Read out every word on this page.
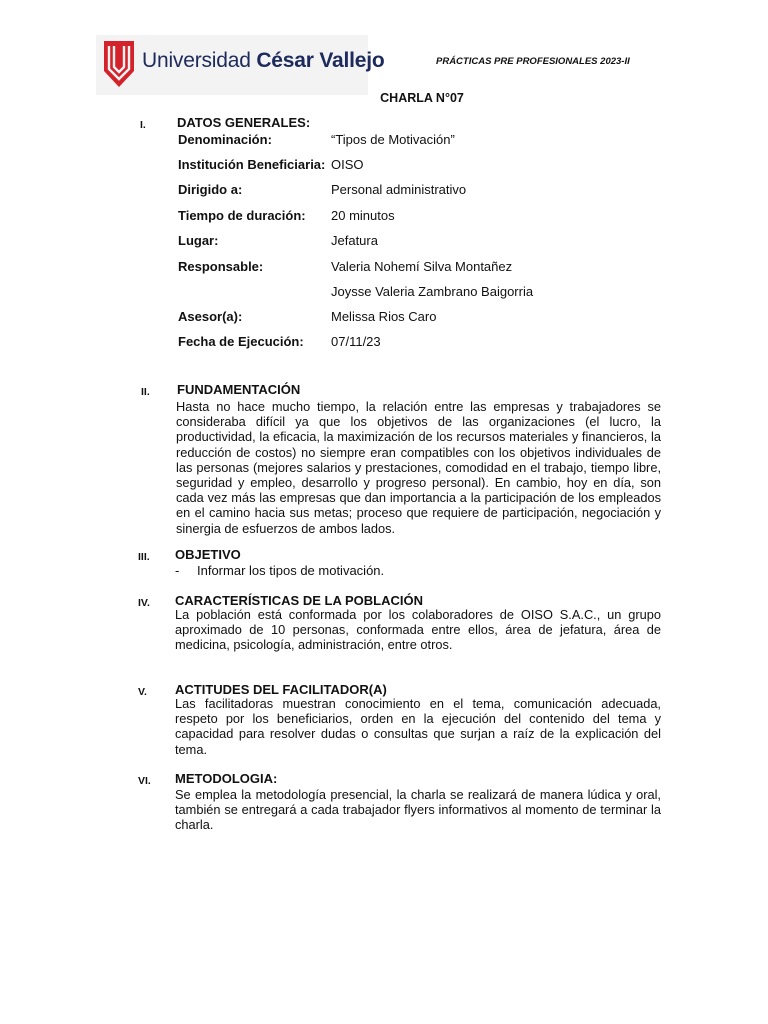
Universidad César Vallejo	PRÁCTICAS PRE PROFESIONALES 2023-II
CHARLA N°07
I. DATOS GENERALES:
Denominación:	“Tipos de Motivación”
Institución Beneficiaria: OISO
Dirigido a:	Personal administrativo
Tiempo de duración: 20 minutos
Lugar:	Jefatura
Responsable:	Valeria Nohemí Silva Montañez
Joysse Valeria Zambrano Baigorria
Asesor(a):	Melissa Rios Caro
Fecha de Ejecución: 07/11/23
II. FUNDAMENTACIÓN

Hasta no hace mucho tiempo, la relación entre las empresas y trabajadores se consideraba difícil ya que los objetivos de las organizaciones (el lucro, la productividad, la eficacia, la maximización de los recursos materiales y financieros, la reducción de costos) no siempre eran compatibles con los objetivos individuales de las personas (mejores salarios y prestaciones, comodidad en el trabajo, tiempo libre, seguridad y empleo, desarrollo y progreso personal). En cambio, hoy en día, son cada vez más las empresas que dan importancia a la participación de los empleados en el camino hacia sus metas; proceso que requiere de participación, negociación y sinergia de esfuerzos de ambos lados.

III. OBJETIVO
- Informar los tipos de motivación.
IV. CARACTERÍSTICAS DE LA POBLACIÓN

La población está conformada por los colaboradores de OISO S.A.C., un grupo aproximado de 10 personas, conformada entre ellos, área de jefatura, área de medicina, psicología, administración, entre otros.

V. ACTITUDES DEL FACILITADOR(A)

Las facilitadoras muestran conocimiento en el tema, comunicación adecuada, respeto por los beneficiarios, orden en la ejecución del contenido del tema y capacidad para resolver dudas o consultas que surjan a raíz de la explicación del tema.

VI. METODOLOGIA:

Se emplea la metodología presencial, la charla se realizará de manera lúdica y oral, también se entregará a cada trabajador flyers informativos al momento de terminar la charla.
